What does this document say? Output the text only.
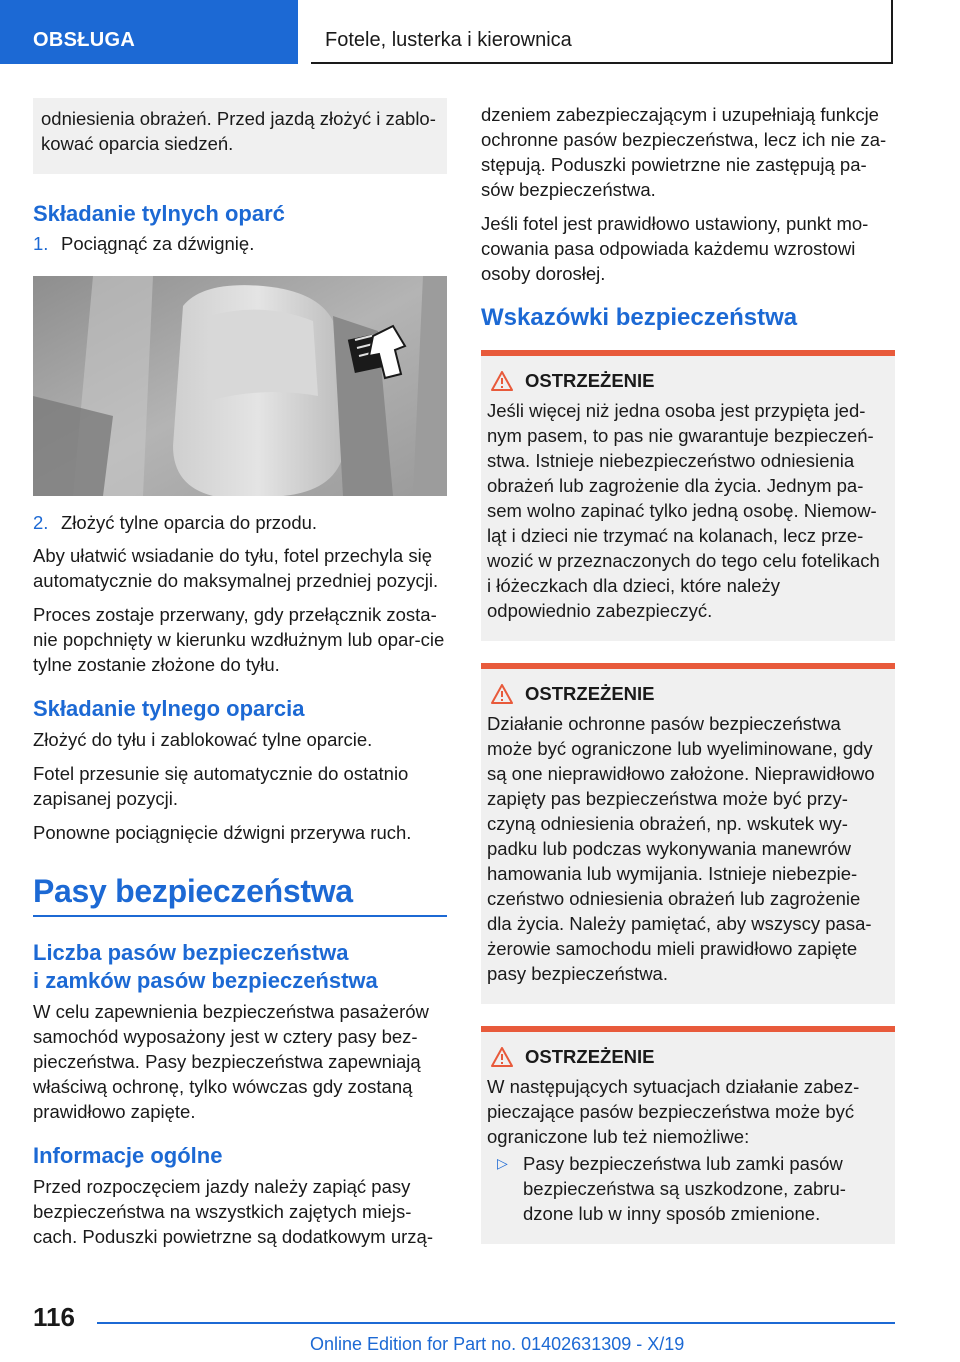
OBSŁUGA	Fotele, lusterka i kierownica

odniesienia obrażeń. Przed jazdą złożyć i zablo-kować oparcia siedzeń.

Składanie tylnych oparć
1. Pociągnąć za dźwignię.
2. Złożyć tylne oparcia do przodu.

Aby ułatwić wsiadanie do tyłu, fotel przechyla się automatycznie do maksymalnej przedniej pozycji.

Proces zostaje przerwany, gdy przełącznik zosta-nie popchnięty w kierunku wzdłużnym lub opar-cie tylne zostanie złożone do tyłu.

Składanie tylnego oparcia

Złożyć do tyłu i zablokować tylne oparcie.

Fotel przesunie się automatycznie do ostatnio zapisanej pozycji.

Ponowne pociągnięcie dźwigni przerywa ruch.

Pasy bezpieczeństwa
Liczba pasów bezpieczeństwa
i zamków pasów bezpieczeństwa

W celu zapewnienia bezpieczeństwa pasażerów samochód wyposażony jest w cztery pasy bez-pieczeństwa. Pasy bezpieczeństwa zapewniają właściwą ochronę, tylko wówczas gdy zostaną prawidłowo zapięte.

Informacje ogólne

Przed rozpoczęciem jazdy należy zapiąć pasy bezpieczeństwa na wszystkich zajętych miejs-cach. Poduszki powietrzne są dodatkowym urzą-

dzeniem zabezpieczającym i uzupełniają funkcje ochronne pasów bezpieczeństwa, lecz ich nie za-stępują. Poduszki powietrzne nie zastępują pa-sów bezpieczeństwa.

Jeśli fotel jest prawidłowo ustawiony, punkt mo-cowania pasa odpowiada każdemu wzrostowi osoby dorosłej.

Wskazówki bezpieczeństwa
OSTRZEŻENIE

Jeśli więcej niż jedna osoba jest przypięta jed-nym pasem, to pas nie gwarantuje bezpieczeń-stwa. Istnieje niebezpieczeństwo odniesienia obrażeń lub zagrożenie dla życia. Jednym pa-sem wolno zapinać tylko jedną osobę. Niemow-ląt i dzieci nie trzymać na kolanach, lecz prze-wozić w przeznaczonych do tego celu fotelikach i łóżeczkach dla dzieci, które należy odpowiednio zabezpieczyć.

OSTRZEŻENIE

Działanie ochronne pasów bezpieczeństwa może być ograniczone lub wyeliminowane, gdy są one nieprawidłowo założone. Nieprawidłowo zapięty pas bezpieczeństwa może być przy-czyną odniesienia obrażeń, np. wskutek wy-padku lub podczas wykonywania manewrów hamowania lub wymijania. Istnieje niebezpie-czeństwo odniesienia obrażeń lub zagrożenie dla życia. Należy pamiętać, aby wszyscy pasa-żerowie samochodu mieli prawidłowo zapięte pasy bezpieczeństwa.

OSTRZEŻENIE

W następujących sytuacjach działanie zabez-pieczające pasów bezpieczeństwa może być ograniczone lub też niemożliwe:

▷ Pasy bezpieczeństwa lub zamki pasów bezpieczeństwa są uszkodzone, zabru-dzone lub w inny sposób zmienione.

116
Online Edition for Part no. 01402631309 - X/19
